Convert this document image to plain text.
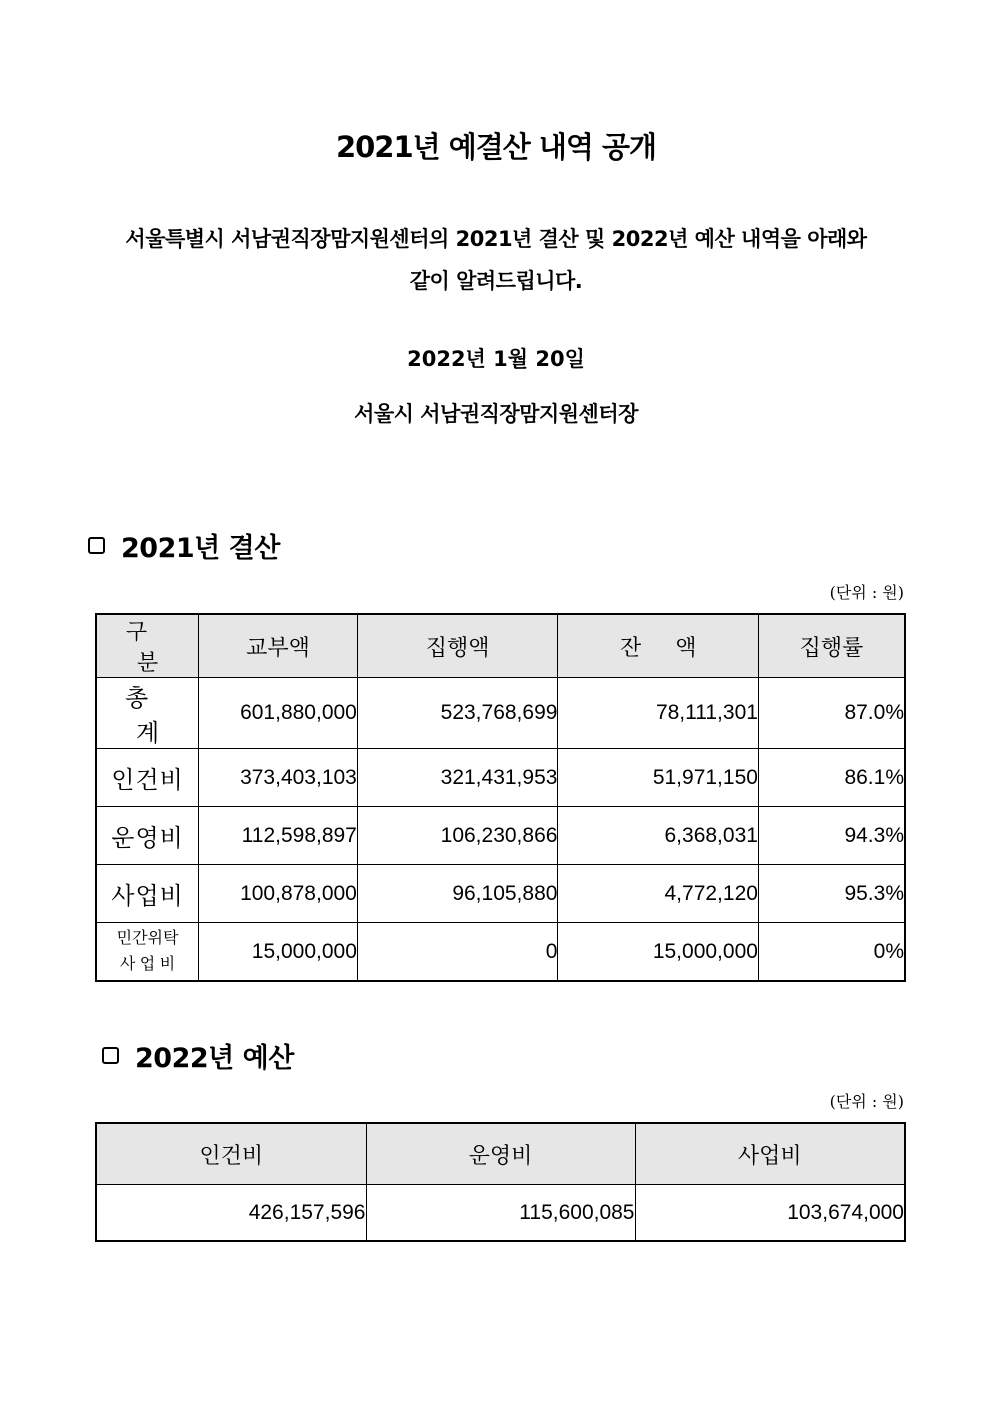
2021년 예결산 내역 공개
서울특별시 서남권직장맘지원센터의 2021년 결산 및 2022년 예산 내역을 아래와
같이 알려드립니다.
2022년 1월 20일
서울시 서남권직장맘지원센터장
2021년 결산
(단위 : 원)
구 분	교부액	집행액	잔 액	집행률
총 계	601,880,000	523,768,699	78,111,301	87.0%
인건비	373,403,103	321,431,953	51,971,150	86.1%
운영비	112,598,897	106,230,866	6,368,031	94.3%
사업비	100,878,000	96,105,880	4,772,120	95.3%

민간위탁
사 업 비	15,000,000	0	15,000,000	0%
2022년 예산
(단위 : 원)
인건비	운영비	사업비
426,157,596	115,600,085	103,674,000
